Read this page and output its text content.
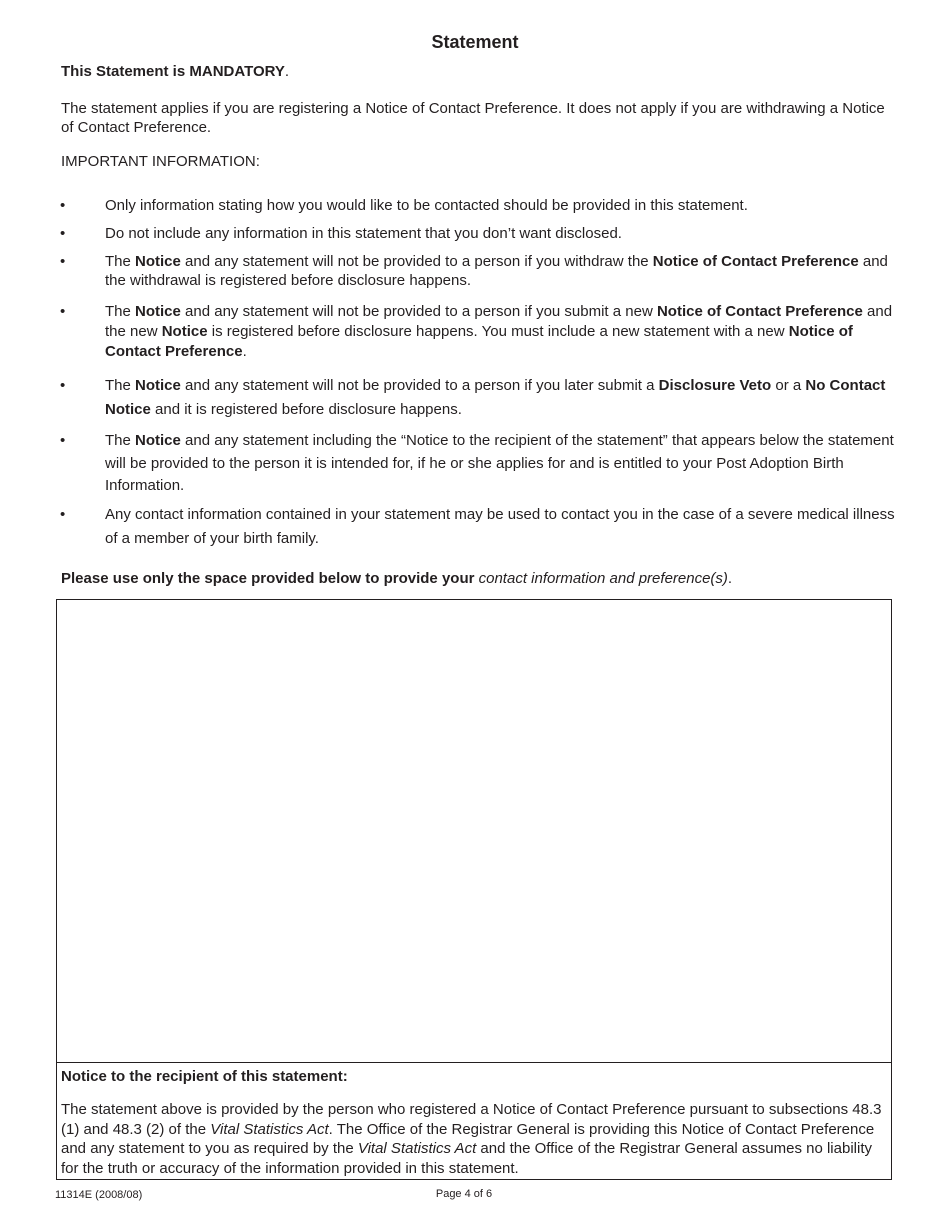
Statement
This Statement is MANDATORY.
The statement applies if you are registering a Notice of Contact Preference. It does not apply if you are withdrawing a Notice of Contact Preference.
IMPORTANT INFORMATION:
•	Only information stating how you would like to be contacted should be provided in this statement.
•	Do not include any information in this statement that you don’t want disclosed.
•	The Notice and any statement will not be provided to a person if you withdraw the Notice of Contact Preference and the withdrawal is registered before disclosure happens.
•	The Notice and any statement will not be provided to a person if you submit a new Notice of Contact Preference and the new Notice is registered before disclosure happens. You must include a new statement with a new Notice of Contact Preference.
•	The Notice and any statement will not be provided to a person if you later submit a Disclosure Veto or a No Contact Notice and it is registered before disclosure happens.
•	The Notice and any statement including the “Notice to the recipient of the statement” that appears below the statement will be provided to the person it is intended for, if he or she applies for and is entitled to your Post Adoption Birth Information.
•	Any contact information contained in your statement may be used to contact you in the case of a severe medical illness of a member of your birth family.
Please use only the space provided below to provide your contact information and preference(s).
Notice to the recipient of this statement:
The statement above is provided by the person who registered a Notice of Contact Preference pursuant to subsections 48.3 (1) and 48.3 (2) of the Vital Statistics Act. The Office of the Registrar General is providing this Notice of Contact Preference and any statement to you as required by the Vital Statistics Act and the Office of the Registrar General assumes no liability for the truth or accuracy of the information provided in this statement.
11314E (2008/08)	Page 4 of 6
